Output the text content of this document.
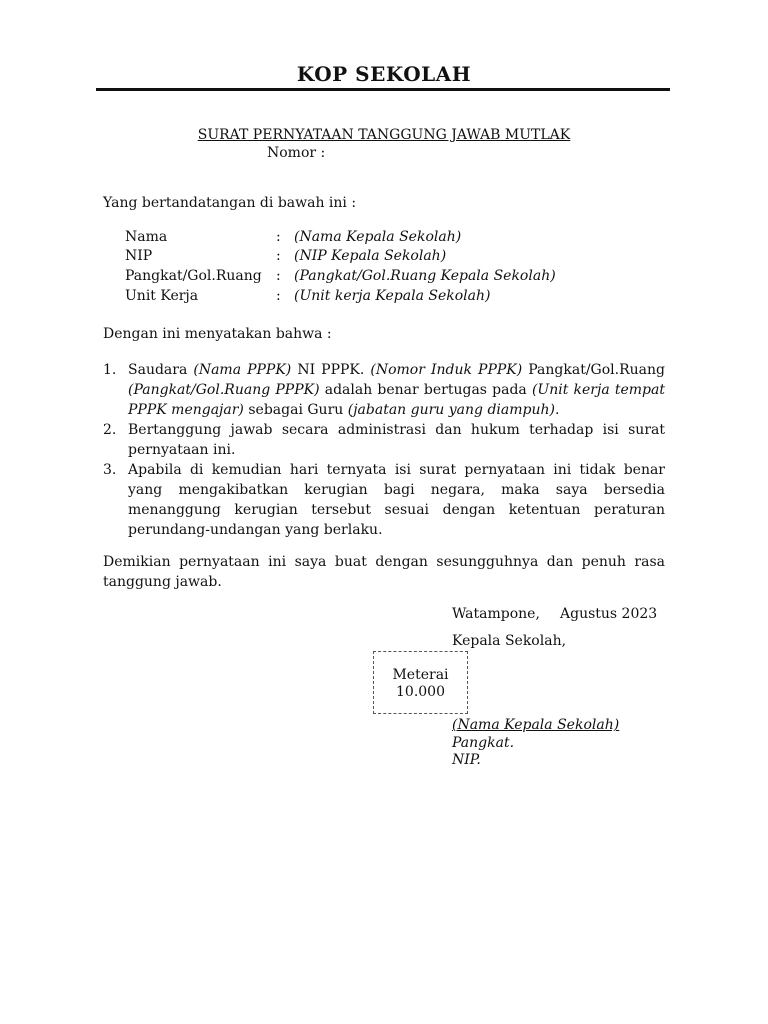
KOP SEKOLAH
SURAT PERNYATAAN TANGGUNG JAWAB MUTLAK
Nomor :
Yang bertandatangan di bawah ini :
Nama	: (Nama Kepala Sekolah)
NIP	: (NIP Kepala Sekolah)
Pangkat/Gol.Ruang : (Pangkat/Gol.Ruang Kepala Sekolah)
Unit Kerja	: (Unit kerja Kepala Sekolah)
Dengan ini menyatakan bahwa :
1. Saudara (Nama PPPK) NI PPPK. (Nomor Induk PPPK) Pangkat/Gol.Ruang (Pangkat/Gol.Ruang PPPK) adalah benar bertugas pada (Unit kerja tempat PPPK mengajar) sebagai Guru (jabatan guru yang diampuh).
2. Bertanggung jawab secara administrasi dan hukum terhadap isi surat pernyataan ini.
3. Apabila di kemudian hari ternyata isi surat pernyataan ini tidak benar yang mengakibatkan kerugian bagi negara, maka saya bersedia menanggung kerugian tersebut sesuai dengan ketentuan peraturan perundang-undangan yang berlaku.
Demikian pernyataan ini saya buat dengan sesungguhnya dan penuh rasa tanggung jawab.
Watampone, Agustus 2023
Kepala Sekolah,
Meterai
10.000
(Nama Kepala Sekolah)
Pangkat.
NIP.
